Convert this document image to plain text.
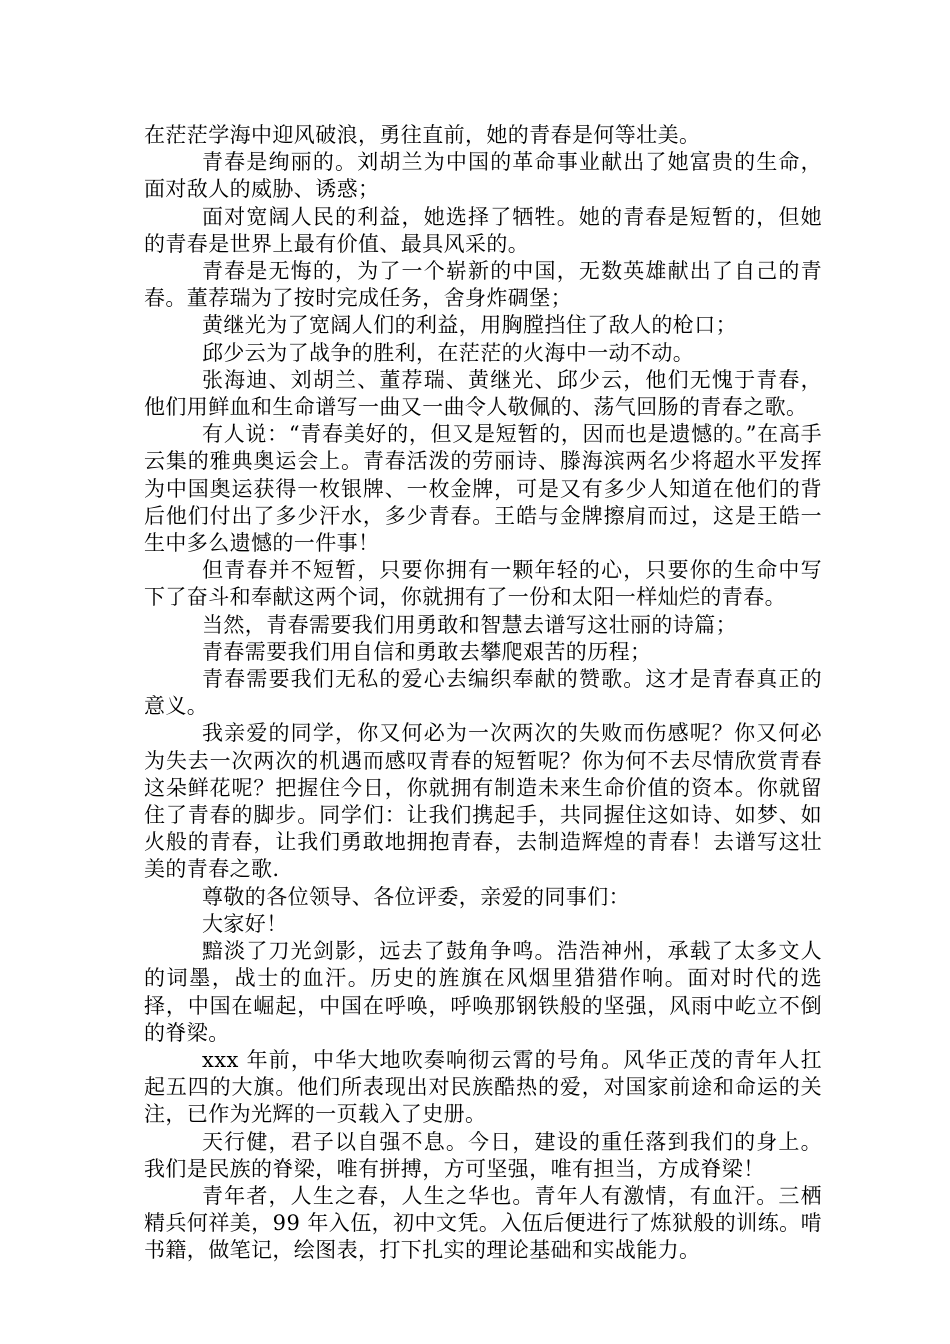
在茫茫学海中迎风破浪，勇往直前，她的青春是何等壮美。

青春是绚丽的。刘胡兰为中国的革命事业献出了她富贵的生命，面对敌人的威胁、诱惑；

面对宽阔人民的利益，她选择了牺牲。她的青春是短暂的，但她的青春是世界上最有价值、最具风采的。

青春是无悔的，为了一个崭新的中国，无数英雄献出了自己的青春。董荐瑞为了按时完成任务，舍身炸碉堡；

黄继光为了宽阔人们的利益，用胸膛挡住了敌人的枪口；

邱少云为了战争的胜利，在茫茫的火海中一动不动。

张海迪、刘胡兰、董荐瑞、黄继光、邱少云，他们无愧于青春，他们用鲜血和生命谱写一曲又一曲令人敬佩的、荡气回肠的青春之歌。

有人说：“青春美好的，但又是短暂的，因而也是遗憾的。”在高手云集的雅典奥运会上。青春活泼的劳丽诗、滕海滨两名少将超水平发挥为中国奥运获得一枚银牌、一枚金牌，可是又有多少人知道在他们的背后他们付出了多少汗水，多少青春。王皓与金牌擦肩而过，这是王皓一生中多么遗憾的一件事！

但青春并不短暂，只要你拥有一颗年轻的心，只要你的生命中写下了奋斗和奉献这两个词，你就拥有了一份和太阳一样灿烂的青春。

当然，青春需要我们用勇敢和智慧去谱写这壮丽的诗篇；

青春需要我们用自信和勇敢去攀爬艰苦的历程；

青春需要我们无私的爱心去编织奉献的赞歌。这才是青春真正的意义。

我亲爱的同学，你又何必为一次两次的失败而伤感呢？你又何必为失去一次两次的机遇而感叹青春的短暂呢？你为何不去尽情欣赏青春这朵鲜花呢？把握住今日，你就拥有制造未来生命价值的资本。你就留住了青春的脚步。同学们：让我们携起手，共同握住这如诗、如梦、如火般的青春，让我们勇敢地拥抱青春，去制造辉煌的青春！去谱写这壮美的青春之歌.

尊敬的各位领导、各位评委，亲爱的同事们：

大家好！

黯淡了刀光剑影，远去了鼓角争鸣。浩浩神州，承载了太多文人的词墨，战士的血汗。历史的旌旗在风烟里猎猎作响。面对时代的选择，中国在崛起，中国在呼唤，呼唤那钢铁般的坚强，风雨中屹立不倒的脊梁。

xxx 年前，中华大地吹奏响彻云霄的号角。风华正茂的青年人扛起五四的大旗。他们所表现出对民族酷热的爱，对国家前途和命运的关注，已作为光辉的一页载入了史册。

天行健，君子以自强不息。今日，建设的重任落到我们的身上。我们是民族的脊梁，唯有拼搏，方可坚强，唯有担当，方成脊梁！

青年者，人生之春，人生之华也。青年人有激情，有血汗。三栖精兵何祥美，99 年入伍，初中文凭。入伍后便进行了炼狱般的训练。啃书籍，做笔记，绘图表，打下扎实的理论基础和实战能力。
